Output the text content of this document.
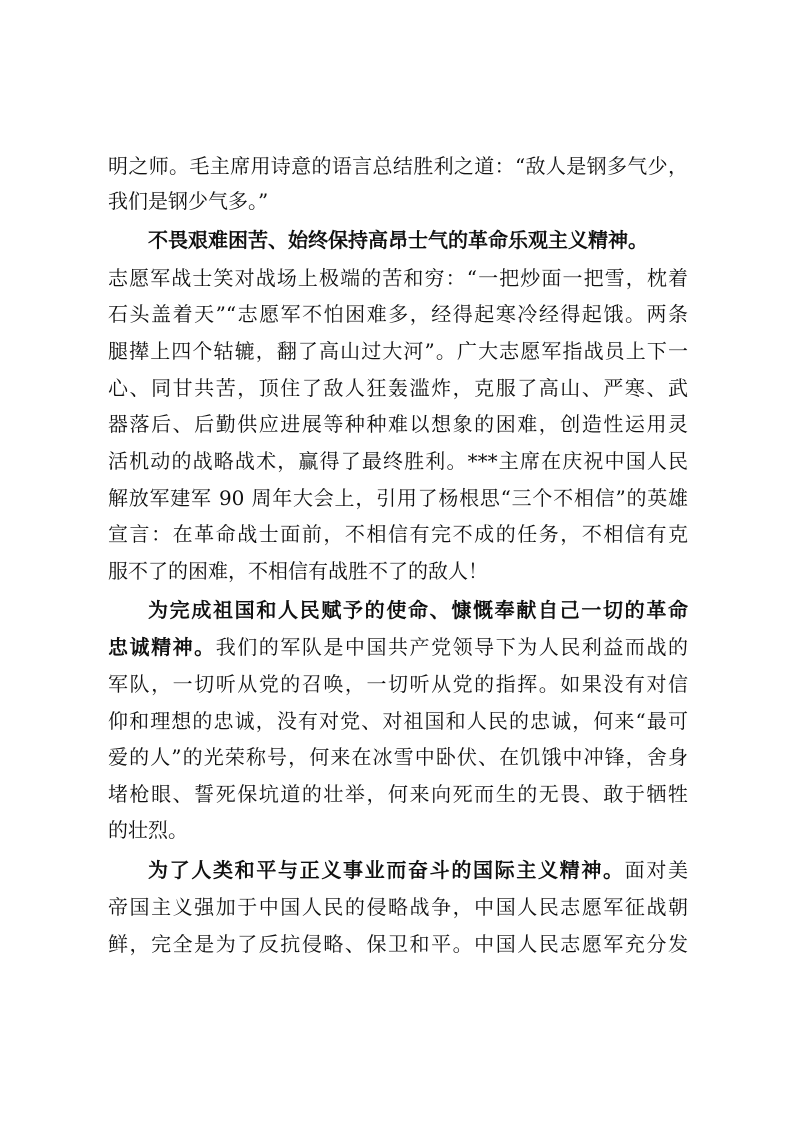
明之师。毛主席用诗意的语言总结胜利之道：“敌人是钢多气少，
我们是钢少气多。”
不畏艰难困苦、始终保持高昂士气的革命乐观主义精神。
志愿军战士笑对战场上极端的苦和穷：“一把炒面一把雪，枕着
石头盖着天”“志愿军不怕困难多，经得起寒冷经得起饿。两条
腿撵上四个轱辘，翻了高山过大河”。广大志愿军指战员上下一
心、同甘共苦，顶住了敌人狂轰滥炸，克服了高山、严寒、武
器落后、后勤供应进展等种种难以想象的困难，创造性运用灵
活机动的战略战术，赢得了最终胜利。***主席在庆祝中国人民
解放军建军 90 周年大会上，引用了杨根思“三个不相信”的英雄
宣言：在革命战士面前，不相信有完不成的任务，不相信有克
服不了的困难，不相信有战胜不了的敌人！
为完成祖国和人民赋予的使命、慷慨奉献自己一切的革命
忠诚精神。我们的军队是中国共产党领导下为人民利益而战的
军队，一切听从党的召唤，一切听从党的指挥。如果没有对信
仰和理想的忠诚，没有对党、对祖国和人民的忠诚，何来“最可
爱的人”的光荣称号，何来在冰雪中卧伏、在饥饿中冲锋，舍身
堵枪眼、誓死保坑道的壮举，何来向死而生的无畏、敢于牺牲
的壮烈。
为了人类和平与正义事业而奋斗的国际主义精神。面对美
帝国主义强加于中国人民的侵略战争，中国人民志愿军征战朝
鲜，完全是为了反抗侵略、保卫和平。中国人民志愿军充分发
